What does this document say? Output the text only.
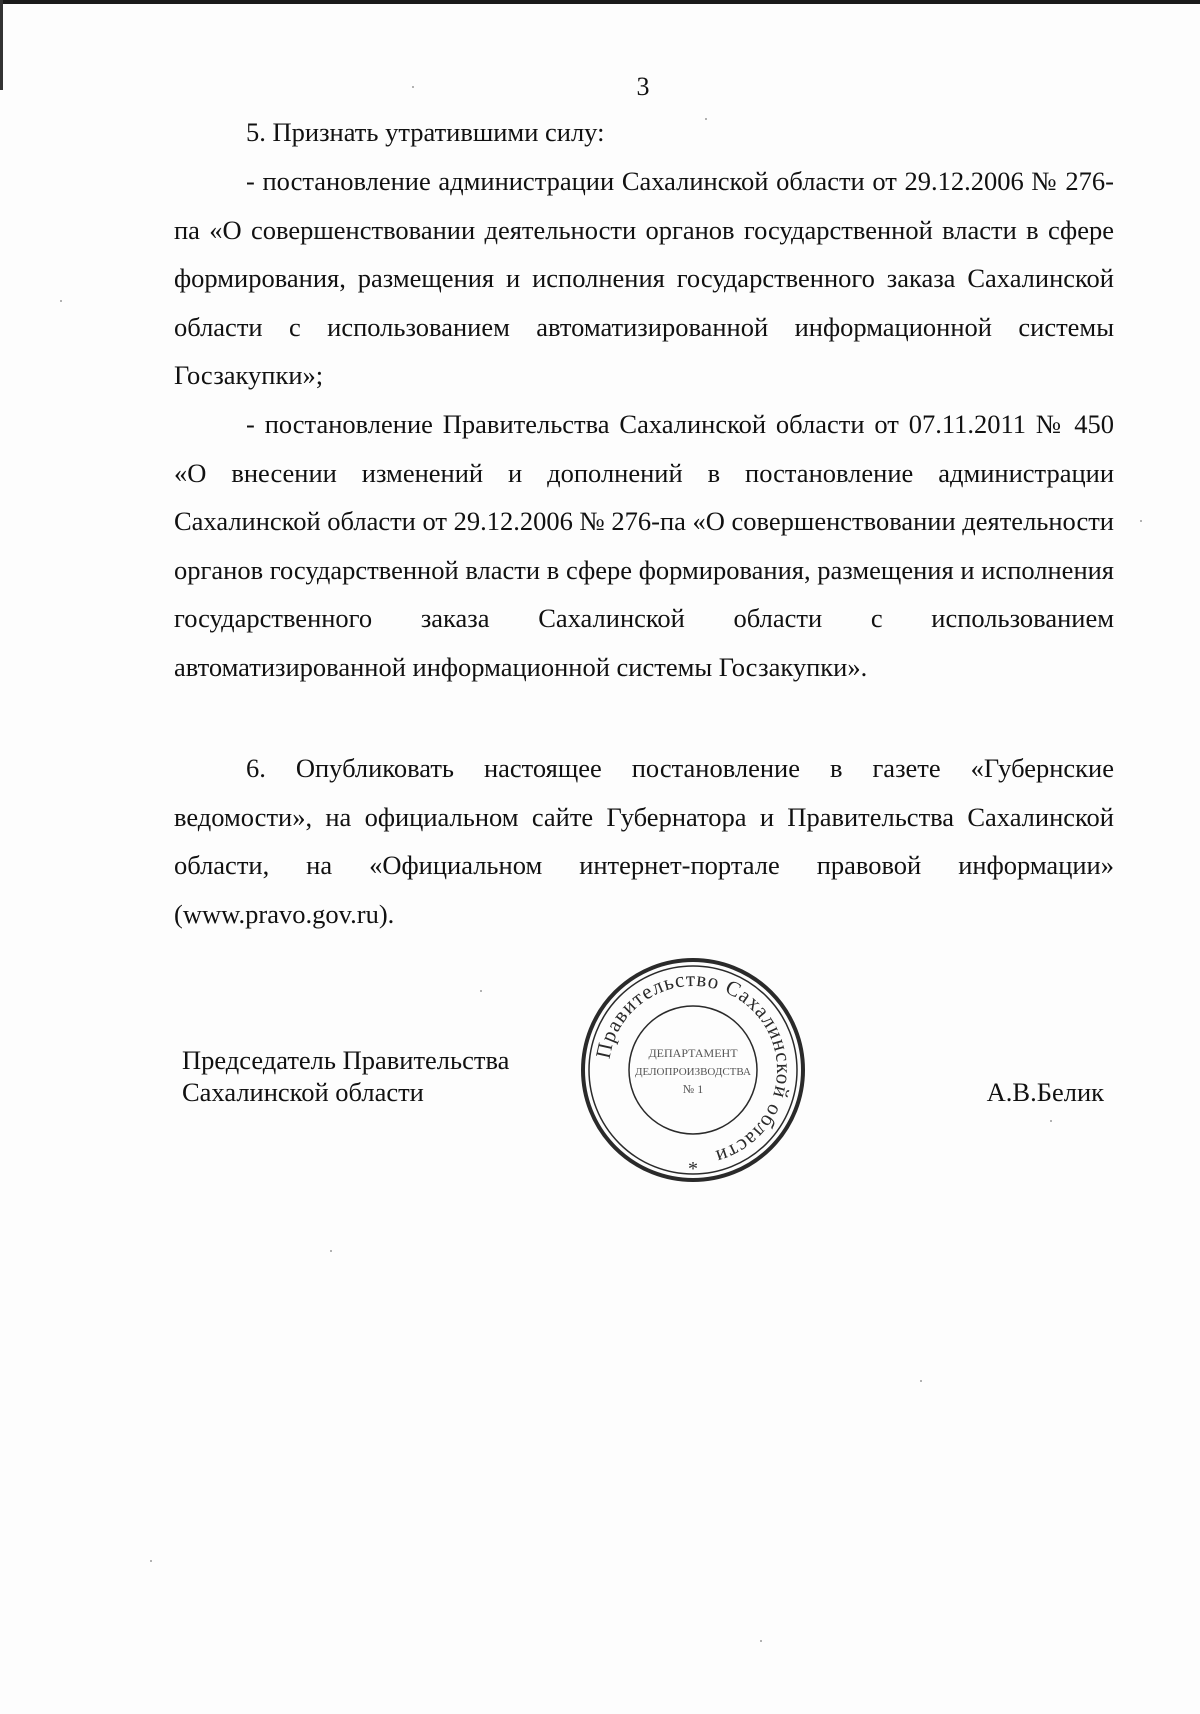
3

5. Признать утратившими силу:

- постановление администрации Сахалинской области от 29.12.2006 № 276-па «О совершенствовании деятельности органов государственной власти в сфере формирования, размещения и исполнения государственного заказа Сахалинской области с использованием автоматизированной информационной системы Госзакупки»;

- постановление Правительства Сахалинской области от 07.11.2011 № 450 «О внесении изменений и дополнений в постановление администрации Сахалинской области от 29.12.2006 № 276-па «О совершенствовании деятельности органов государственной власти в сфере формирования, размещения и исполнения государственного заказа Сахалинской области с использованием автоматизированной информационной системы Госзакупки».

6. Опубликовать настоящее постановление в газете «Губернские ведомости», на официальном сайте Губернатора и Правительства Сахалинской области, на «Официальном интернет-портале правовой информации» (www.pravo.gov.ru).

Председатель Правительства
Сахалинской области
Правительство Сахалинской области
ДЕПАРТАМЕНТ
ДЕЛОПРОИЗВОДСТВА
№ 1
*
А.В.Белик
